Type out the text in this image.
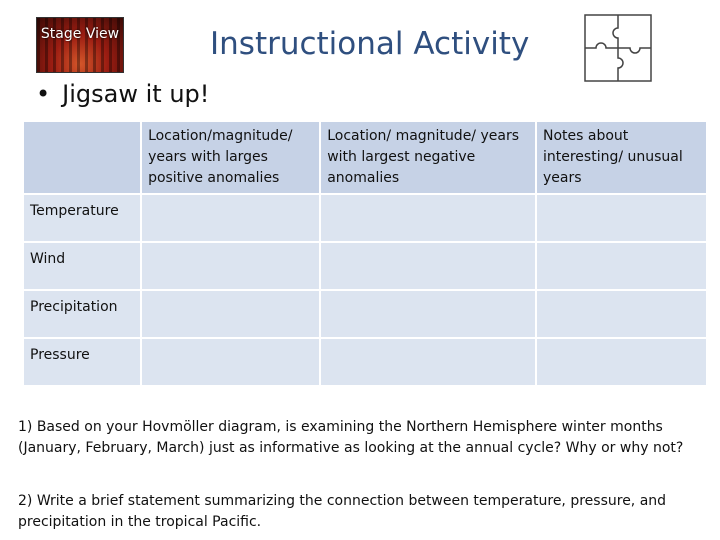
Stage View	Instructional Activity
• Jigsaw it up!

	Location/magnitude/ years with larges positive anomalies	Location/ magnitude/ years with largest negative anomalies	Notes about interesting/ unusual years

Temperature			

Wind			

Precipitation			

Pressure			

1) Based on your Hovmöller diagram, is examining the Northern Hemisphere winter months (January, February, March) just as informative as looking at the annual cycle? Why or why not?
2) Write a brief statement summarizing the connection between temperature, pressure, and precipitation in the tropical Pacific.
